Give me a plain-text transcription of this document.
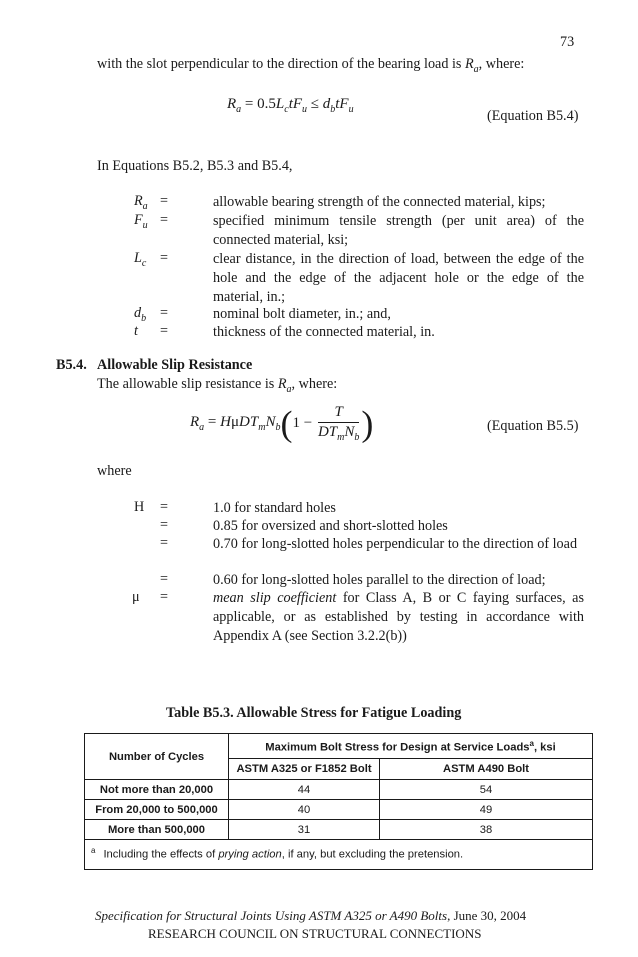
73
with the slot perpendicular to the direction of the bearing load is $R_a$, where:
$R_a = 0.5L_ctF_u \le d_btF_u$	(Equation B5.4)
In Equations B5.2, B5.3 and B5.4,
$R_a$ =	allowable bearing strength of the connected material, kips;
$F_u$ =	specified minimum tensile strength (per unit area) of the connected material, ksi;
$L_c$ =	clear distance, in the direction of load, between the edge of the hole and the edge of the adjacent hole or the edge of the material, in.;
$d_b$ =	nominal bolt diameter, in.; and,
t =	thickness of the connected material, in.
B5.4. Allowable Slip Resistance
The allowable slip resistance is $R_a$, where:
$R_a = H\mu DT_mN_b(1 - \frac{T}{DT_mN_b}$ )	(Equation B5.5)
where
H =	1.0 for standard holes
=	0.85 for oversized and short-slotted holes
=	0.70 for long-slotted holes perpendicular to the direction of load
=	0.60 for long-slotted holes parallel to the direction of load;
μ =	mean slip coefficient for Class A, B or C faying surfaces, as applicable, or as established by testing in accordance with Appendix A (see Section 3.2.2(b))
Table B5.3. Allowable Stress for Fatigue Loading
Number of Cycles	Maximum Bolt Stress for Design at Service Loads$^a$, ksi	
	ASTM A325 or F1852 Bolt	ASTM A490 Bolt
Not more than 20,000	44	54
From 20,000 to 500,000	40	49
More than 500,000	31	38
$^a$ Including the effects of prying action, if any, but excluding the pretension.		
Specification for Structural Joints Using ASTM A325 or A490 Bolts, June 30, 2004
RESEARCH COUNCIL ON STRUCTURAL CONNECTIONS
